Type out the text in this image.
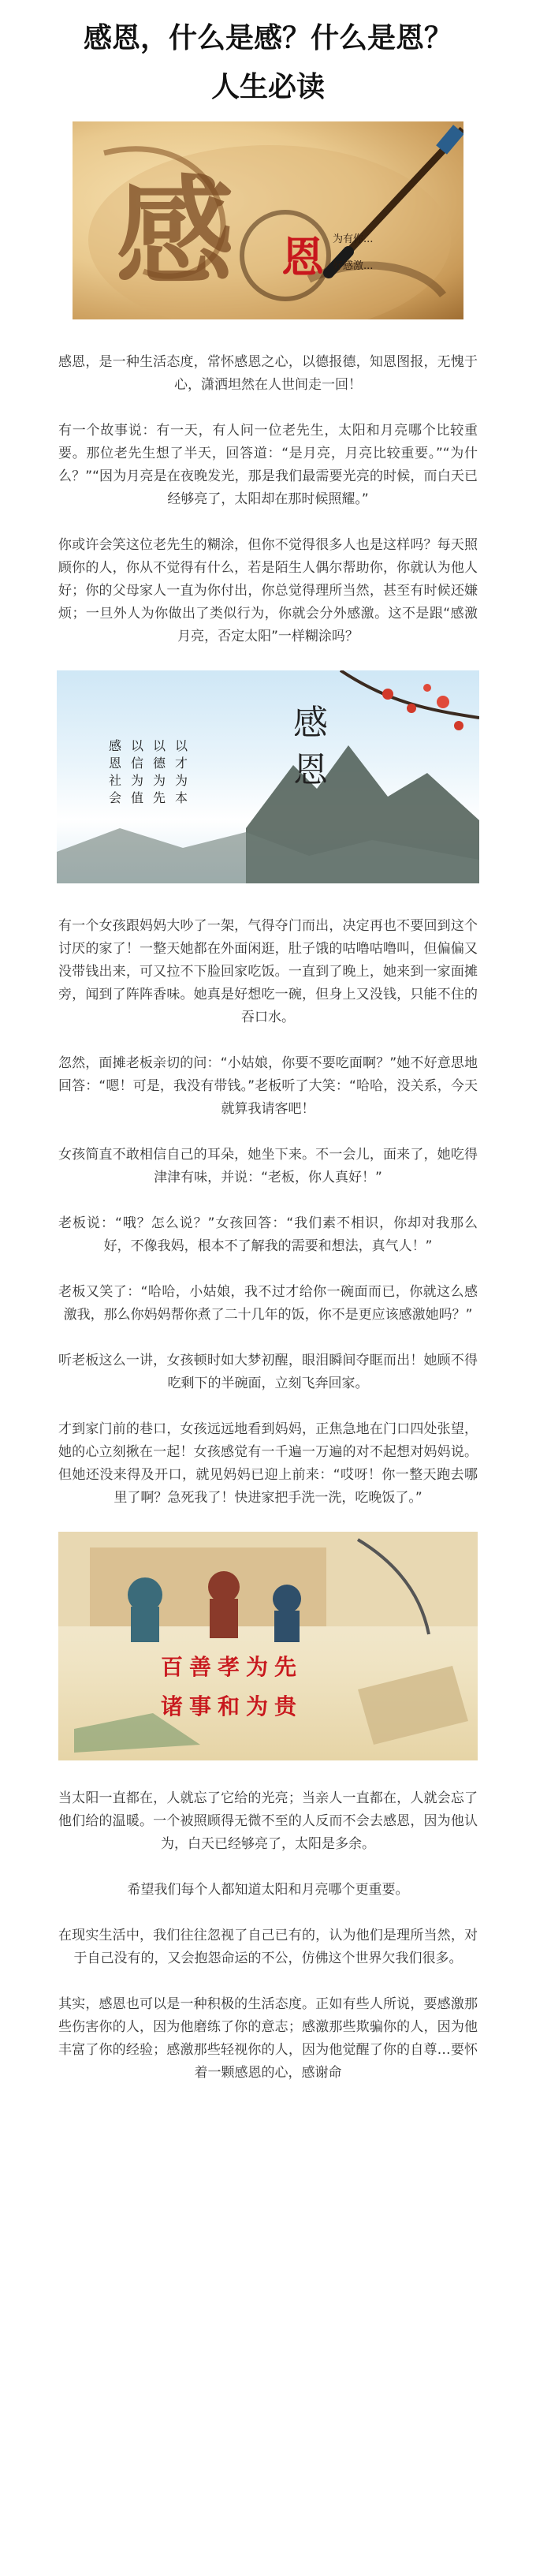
感恩，什么是感？什么是恩？
人生必读
感 恩 为有你...
好感激...

感恩，是一种生活态度，常怀感恩之心，以德报德，知恩图报，无愧于心，潇洒坦然在人世间走一回！

有一个故事说：有一天，有人问一位老先生，太阳和月亮哪个比较重要。那位老先生想了半天，回答道：“是月亮，月亮比较重要。”“为什么？”“因为月亮是在夜晚发光，那是我们最需要光亮的时候，而白天已经够亮了，太阳却在那时候照耀。”

你或许会笑这位老先生的糊涂，但你不觉得很多人也是这样吗？每天照顾你的人，你从不觉得有什么，若是陌生人偶尔帮助你，你就认为他人好；你的父母家人一直为你付出，你总觉得理所当然，甚至有时候还嫌烦；一旦外人为你做出了类似行为，你就会分外感激。这不是跟“感激月亮，否定太阳”一样糊涂吗？

感
恩
以 才 为 本
以 德 为 先
以 信 为 值
感 恩 社 会

有一个女孩跟妈妈大吵了一架，气得夺门而出，决定再也不要回到这个讨厌的家了！一整天她都在外面闲逛，肚子饿的咕噜咕噜叫，但偏偏又没带钱出来，可又拉不下脸回家吃饭。一直到了晚上，她来到一家面摊旁，闻到了阵阵香味。她真是好想吃一碗，但身上又没钱，只能不住的吞口水。

忽然，面摊老板亲切的问：“小姑娘，你要不要吃面啊？”她不好意思地回答：“嗯！可是，我没有带钱。”老板听了大笑：“哈哈，没关系，今天就算我请客吧！

女孩简直不敢相信自己的耳朵，她坐下来。不一会儿，面来了，她吃得津津有味，并说：“老板，你人真好！”

老板说：“哦？怎么说？”女孩回答：“我们素不相识，你却对我那么好，不像我妈，根本不了解我的需要和想法，真气人！”

老板又笑了：“哈哈，小姑娘，我不过才给你一碗面而已，你就这么感激我，那么你妈妈帮你煮了二十几年的饭，你不是更应该感激她吗？”

听老板这么一讲，女孩顿时如大梦初醒，眼泪瞬间夺眶而出！她顾不得吃剩下的半碗面，立刻飞奔回家。

才到家门前的巷口，女孩远远地看到妈妈，正焦急地在门口四处张望，她的心立刻揪在一起！女孩感觉有一千遍一万遍的对不起想对妈妈说。但她还没来得及开口，就见妈妈已迎上前来：“哎呀！你一整天跑去哪里了啊？急死我了！快进家把手洗一洗，吃晚饭了。”

百善孝为先
诸事和为贵

当太阳一直都在，人就忘了它给的光亮；当亲人一直都在，人就会忘了他们给的温暖。一个被照顾得无微不至的人反而不会去感恩，因为他认为，白天已经够亮了，太阳是多余。

希望我们每个人都知道太阳和月亮哪个更重要。

在现实生活中，我们往往忽视了自己已有的，认为他们是理所当然，对于自己没有的，又会抱怨命运的不公，仿佛这个世界欠我们很多。

其实，感恩也可以是一种积极的生活态度。正如有些人所说，要感激那些伤害你的人，因为他磨练了你的意志；感激那些欺骗你的人，因为他丰富了你的经验；感激那些轻视你的人，因为他觉醒了你的自尊…要怀着一颗感恩的心，感谢命
